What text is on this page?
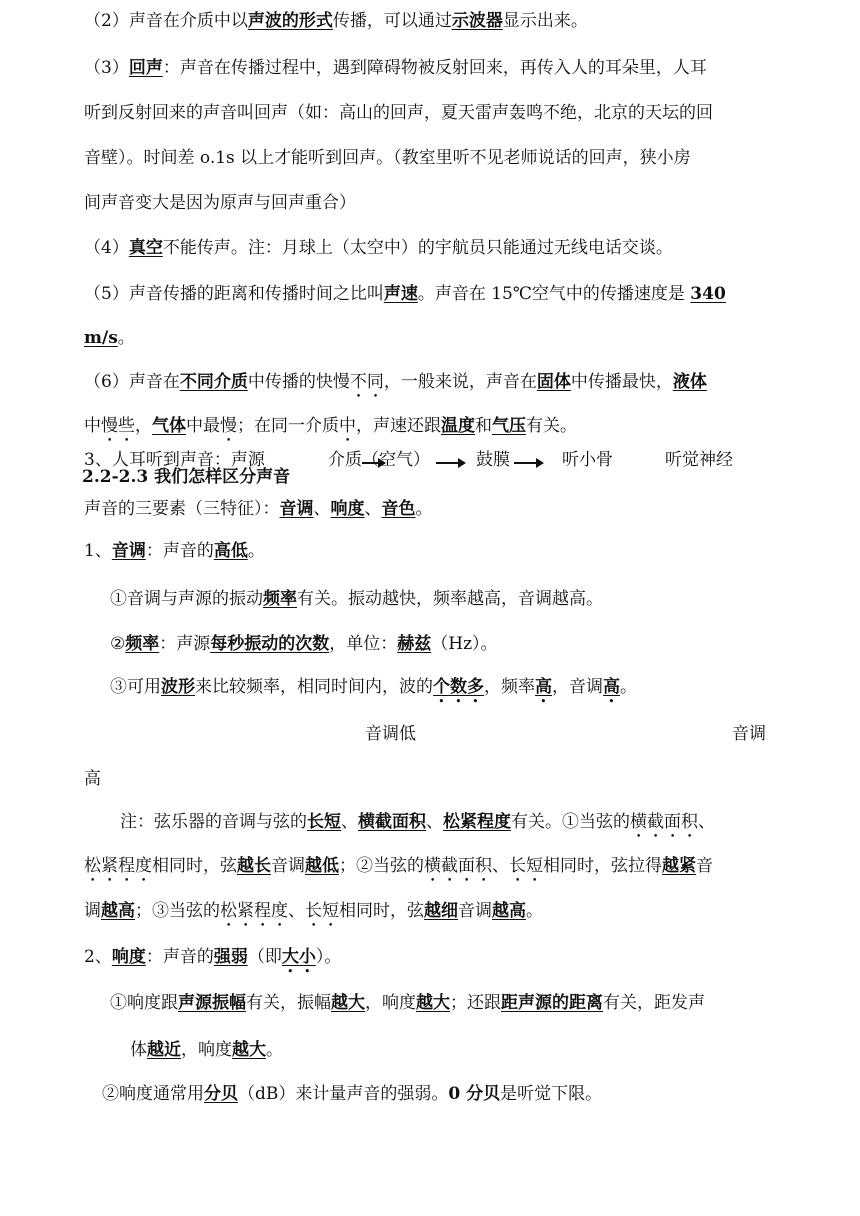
（2）声音在介质中以声波的形式传播，可以通过示波器显示出来。
（3）回声：声音在传播过程中，遇到障碍物被反射回来，再传入人的耳朵里，人耳
听到反射回来的声音叫回声（如：高山的回声，夏天雷声轰鸣不绝，北京的天坛的回
音壁）。时间差 o.1s 以上才能听到回声。（教室里听不见老师说话的回声，狭小房
间声音变大是因为原声与回声重合）
（4）真空不能传声。注：月球上（太空中）的宇航员只能通过无线电话交谈。
（5）声音传播的距离和传播时间之比叫声速。声音在 15℃空气中的传播速度是 340
m/s。
（6）声音在不同介质中传播的快慢不同，一般来说，声音在固体中传播最快，液体
中慢些，气体中最慢；在同一介质中，声速还跟温度和气压有关。
3、人耳听到声音：声源	介质（空气）	鼓膜	听小骨	听觉神经
2.2-2.3 我们怎样区分声音
声音的三要素（三特征）：音调、响度、音色。
1、音调：声音的高低。
①音调与声源的振动频率有关。振动越快，频率越高，音调越高。
②频率：声源每秒振动的次数，单位：赫兹（Hz）。
③可用波形来比较频率，相同时间内，波的个数多，频率高，音调高。
音调低	音调
高
注：弦乐器的音调与弦的长短、横截面积、松紧程度有关。①当弦的横截面积、
松紧程度相同时，弦越长音调越低；②当弦的横截面积、长短相同时，弦拉得越紧音
调越高；③当弦的松紧程度、长短相同时，弦越细音调越高。
2、响度：声音的强弱（即大小）。
①响度跟声源振幅有关，振幅越大，响度越大；还跟距声源的距离有关，距发声
体越近，响度越大。
②响度通常用分贝（dB）来计量声音的强弱。0 分贝是听觉下限。
